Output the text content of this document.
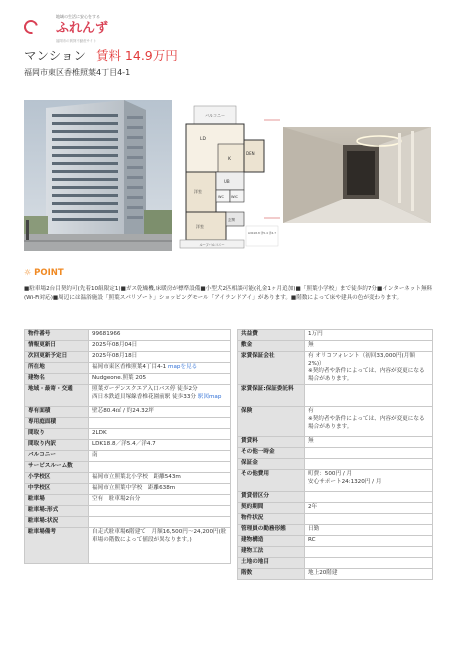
地域の生活に安心をする
ふれんず
福岡市の賃貸不動産サイト
マンション 賃料 14.9万円
福岡市東区香椎照葉4丁目4-1
バルコニー
LD
K
洋室
UB
WC WIC
DEN
洋室
玄関
ルーフバルコニー
LDK18.8 洋5.4 洋4.7
☼ POINT
■駐車場2台目契約可(先着10組限定1)■ガス乾燥機,床暖房が標準設備■小型犬2匹相談可能(礼金1ヶ月追加)■「照葉小学校」まで徒歩約7分■インターネット無料(Wi-Fi対応)■周辺には温浴施設「照葉スパリゾート」ショッピングモール「アイランドアイ」があります。■階数によって床や建具の色が変わります。
物件番号	99681966
情報更新日	2025年08月04日
次回更新予定日	2025年08月18日
所在地	福岡市東区香椎照葉4丁目4-1 mapを見る
建物名	Nudgeone.照葉 205
地域・最寄・交通	照葉ガーデンスクエア入口バス停 徒歩2分
西日本鉄道貝塚線香椎花園前駅 徒歩33分 駅図map
専有面積	壁芯80.4㎡ / 約24.32坪
専用庭面積	
間取り	2LDK
間取り内訳	LDK18.8／洋5.4／洋4.7
バルコニー	南
サービスルーム数	
小学校区	福岡市立照葉北小学校　距離543m
中学校区	福岡市立照葉中学校　距離638m
駐車場	空有　駐車場2台分
駐車場:形式	
駐車場:状況	
駐車場備考	自走式駐車場6階建て　月額16,500円～24,200円(駐車場の階数によって値段が異なります。)
共益費	1万円
敷金	無
家賃保証会社	有 オリコフォレント（初回33,000円(月額2%)）
※契約者や条件によっては、内容が変更になる場合があります。
家賃保証:保証委託料	
保険	有
※契約者や条件によっては、内容が変更になる場合があります。
賃貸料	無
その他一時金	
保証金	
その他費用	町費：500円 / 月
安心サポート24:1320円 / 月
賃貸借区分	
契約期間	2年
物件状況	
管理員の勤務形態	日勤
建物構造	RC
建物工法	
土地の地目	
階数	地上20階建
